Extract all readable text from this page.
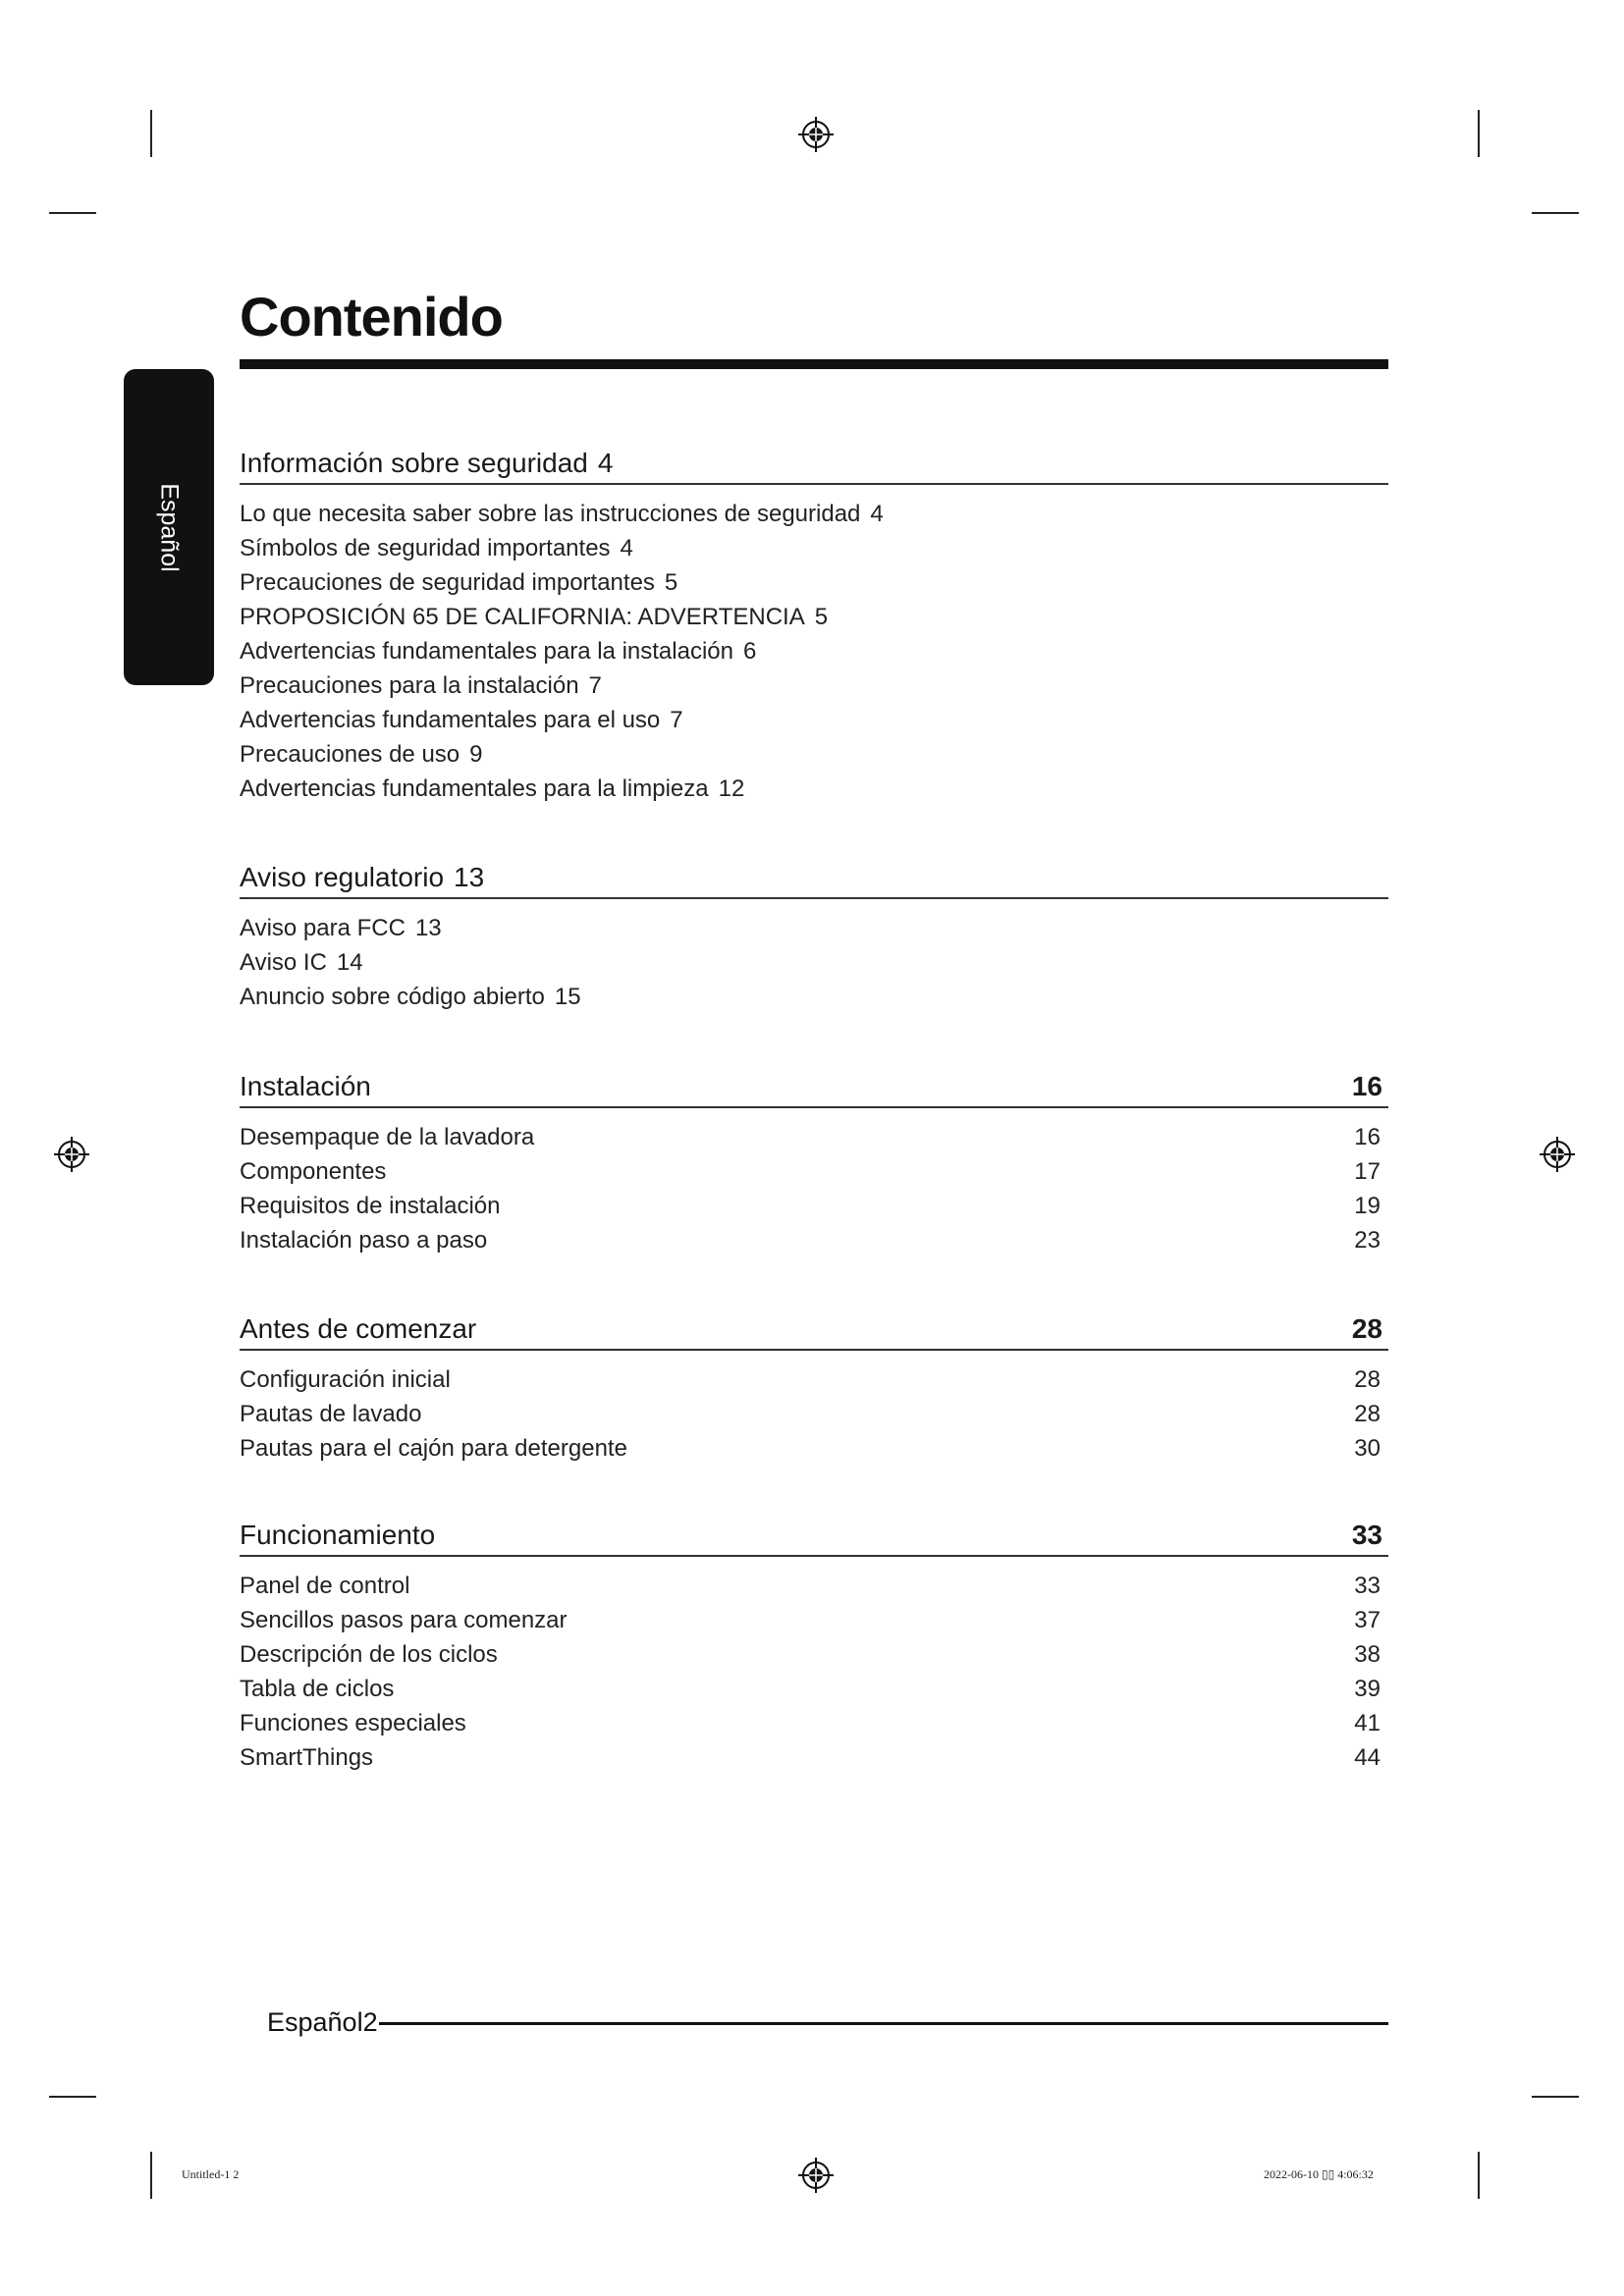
Contenido
Español
Información sobre seguridad 4
Lo que necesita saber sobre las instrucciones de seguridad 4
Símbolos de seguridad importantes 4
Precauciones de seguridad importantes 5
PROPOSICIÓN 65 DE CALIFORNIA: ADVERTENCIA 5
Advertencias fundamentales para la instalación 6
Precauciones para la instalación 7
Advertencias fundamentales para el uso 7
Precauciones de uso 9
Advertencias fundamentales para la limpieza 12
Aviso regulatorio 13
Aviso para FCC 13
Aviso IC 14
Anuncio sobre código abierto 15
Instalación	16
Desempaque de la lavadora	16
Componentes	17
Requisitos de instalación	19
Instalación paso a paso	23
Antes de comenzar	28
Configuración inicial	28
Pautas de lavado	28
Pautas para el cajón para detergente	30
Funcionamiento	33
Panel de control	33
Sencillos pasos para comenzar	37
Descripción de los ciclos	38
Tabla de ciclos	39
Funciones especiales	41
SmartThings	44
Español2
Untitled-1 2	2022-06-10 ▯▯ 4:06:32
